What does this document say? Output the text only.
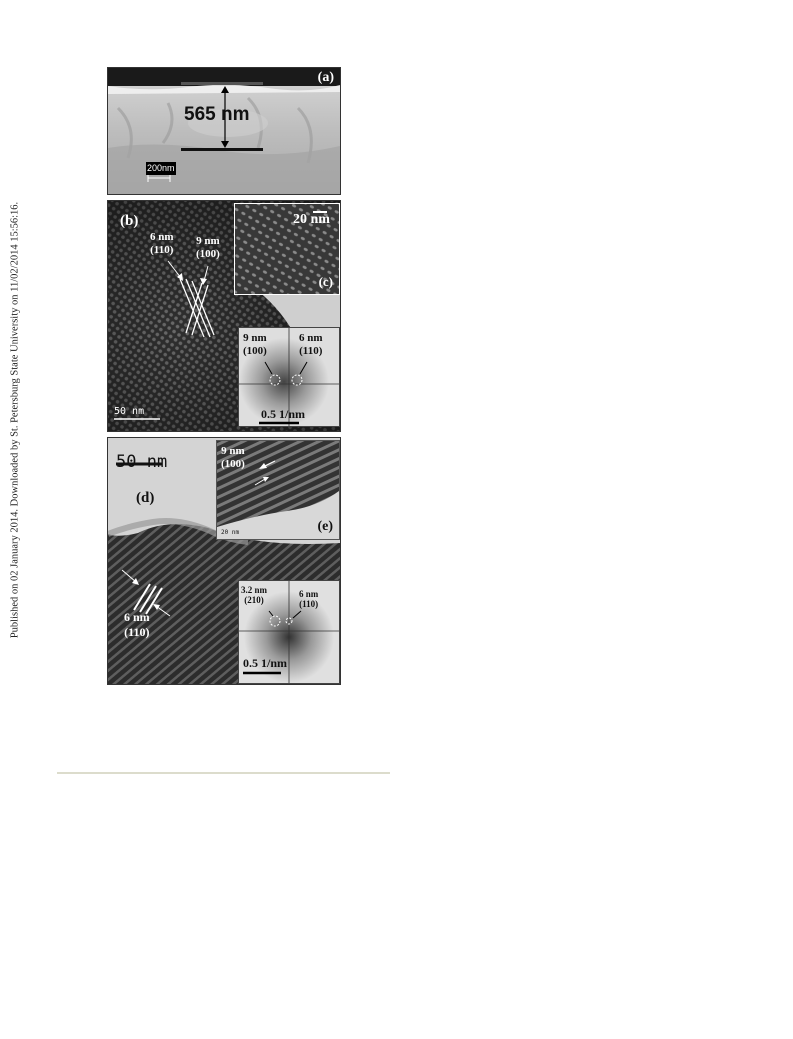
Published on 02 January 2014. Downloaded by St. Petersburg State University on 11/02/2014 15:56:16.
(a)
565 nm
200nm
(b)
6 nm
(110)
9 nm
(100)
50 nm
20 nm
(c)
9 nm
(100)
6 nm
(110)
0.5 1/nm
50 nm
(d)
6 nm
(110)
9 nm
(100)
20 nm	(e)
3.2 nm
(210)
6 nm
(110)
0.5 1/nm
